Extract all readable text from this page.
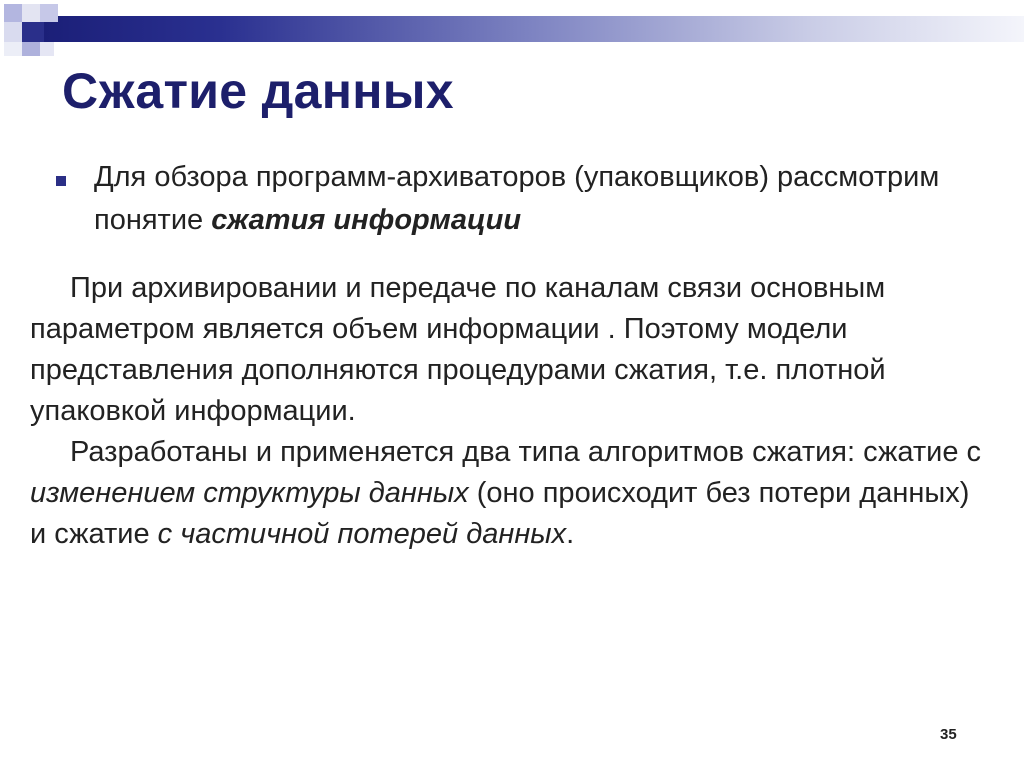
Сжатие данных
Для обзора программ-архиваторов (упаковщиков) рассмотрим понятие сжатия информации

При архивировании и передаче по каналам связи основным параметром является объем информации . Поэтому модели представления дополняются процедурами сжатия, т.е. плотной упаковкой информации.

Разработаны и применяется два типа алгоритмов сжатия: сжатие с изменением структуры данных (оно происходит без потери данных) и сжатие с частичной потерей данных.

35
